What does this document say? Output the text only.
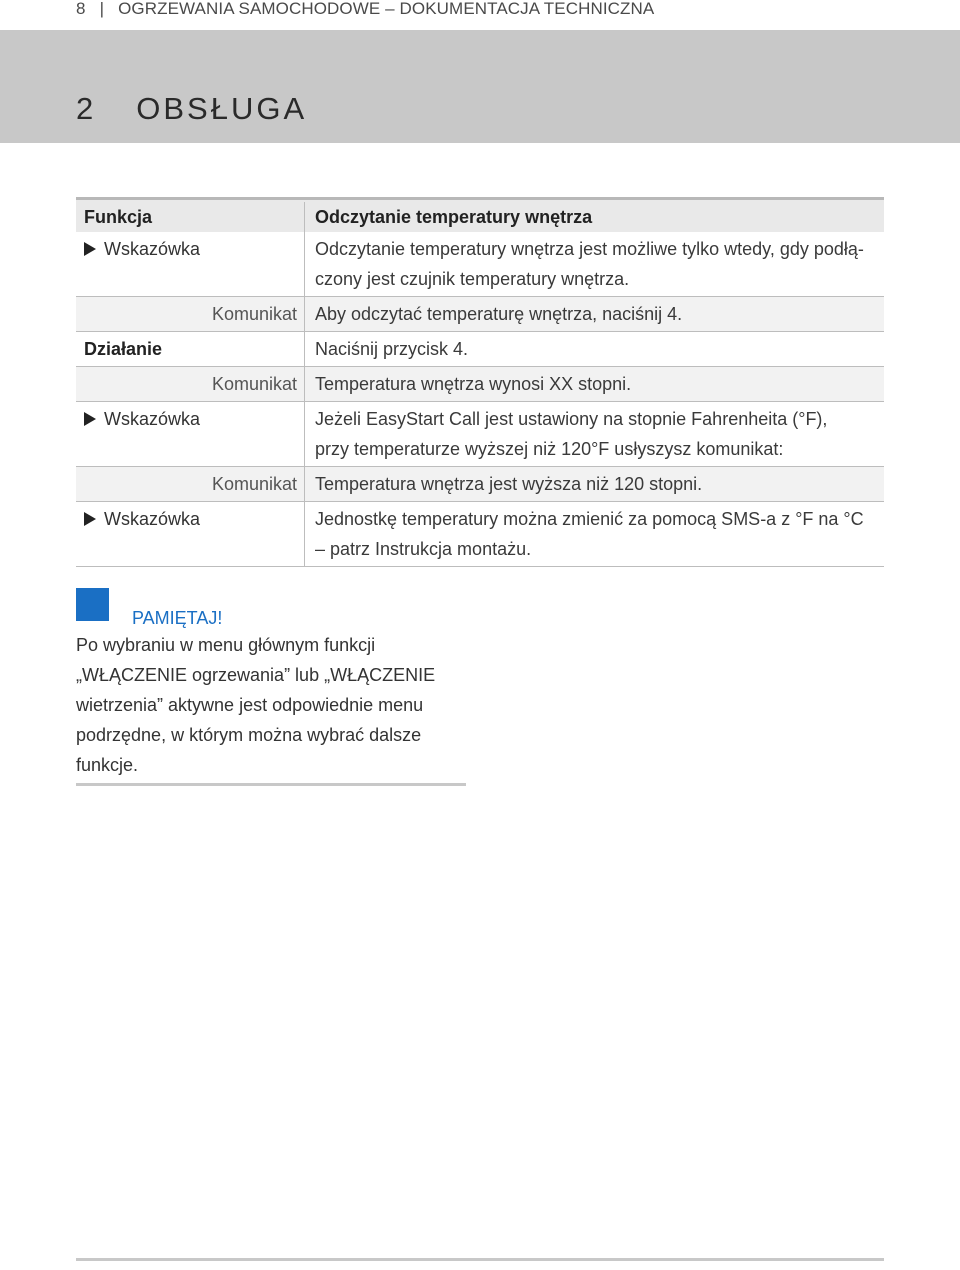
8 | OGRZEWANIA SAMOCHODOWE – DOKUMENTACJA TECHNICZNA
2 OBSŁUGA
Funkcja	Odczytanie temperatury wnętrza
Wskazówka	Odczytanie temperatury wnętrza jest możliwe tylko wtedy, gdy podłą-
czony jest czujnik temperatury wnętrza.
Komunikat	Aby odczytać temperaturę wnętrza, naciśnij 4.
Działanie	Naciśnij przycisk 4.
Komunikat	Temperatura wnętrza wynosi XX stopni.
Wskazówka	Jeżeli EasyStart Call jest ustawiony na stopnie Fahrenheita (°F),
przy temperaturze wyższej niż 120°F usłyszysz komunikat:
Komunikat	Temperatura wnętrza jest wyższa niż 120 stopni.
Wskazówka	Jednostkę temperatury można zmienić za pomocą SMS-a z °F na °C
– patrz Instrukcja montażu.
PAMIĘTAJ!
Po wybraniu w menu głównym funkcji
„WŁĄCZENIE ogrzewania” lub „WŁĄCZENIE
wietrzenia” aktywne jest odpowiednie menu
podrzędne, w którym można wybrać dalsze
funkcje.
